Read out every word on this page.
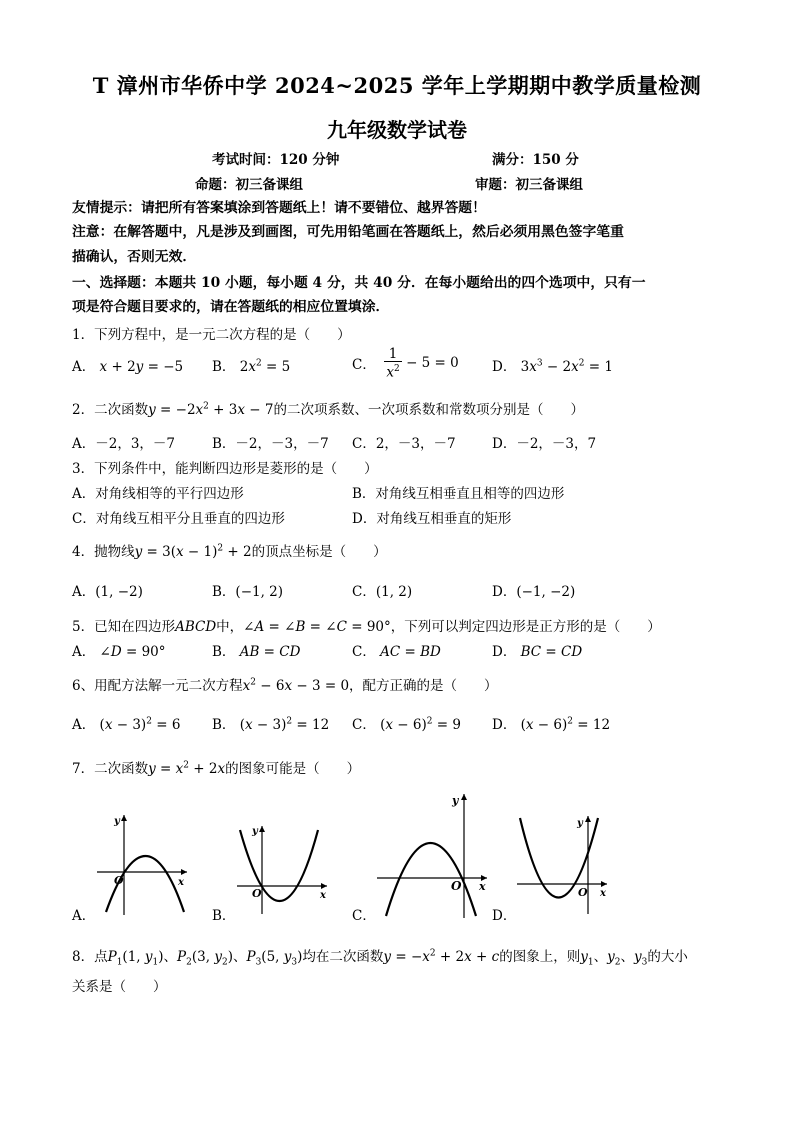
T 漳州市华侨中学 2024~2025 学年上学期期中教学质量检测
九年级数学试卷
考试时间：120 分钟	满分：150 分
命题：初三备课组	审题：初三备课组
友情提示：请把所有答案填涂到答题纸上！请不要错位、越界答题！
注意：在解答题中，凡是涉及到画图，可先用铅笔画在答题纸上，然后必须用黑色签字笔重
描确认，否则无效．
一、选择题：本题共 10 小题，每小题 4 分，共 40 分．在每小题给出的四个选项中，只有一
项是符合题目要求的，请在答题纸的相应位置填涂．
1．下列方程中，是一元二次方程的是（　　）
A． x + 2y = −5 B． $2x^2 = 5$	C．  1
$x^2 - 5 = 0$ D． $3x^3 - 2x^2 = 1$
2．二次函数$y = -2x^2 + 3x - 7$的二次项系数、一次项系数和常数项分别是（　　）
A．－2，3，－7	B．－2，－3，－7 C．2，－3，－7	D．－2，－3，7
3．下列条件中，能判断四边形是菱形的是（　　）
A．对角线相等的平行四边形	B．对角线互相垂直且相等的四边形
C．对角线互相平分且垂直的四边形	D．对角线互相垂直的矩形
4．抛物线$y = 3(x - 1)^2 + 2$的顶点坐标是（　　）
A．(1, −2)	B．(−1, 2)	C．(1, 2)	D．(−1, −2)
5．已知在四边形ABCD中，∠A = ∠B = ∠C = 90°，下列可以判定四边形是正方形的是（　　）
A． ∠D = 90°	B． AB = CD	C． AC = BD	D． BC = CD
6、用配方法解一元二次方程$x^2 - 6x - 3 = 0$，配方正确的是（　　）
A． $(x - 3)^2 = 6$ B． $(x - 3)^2 = 12$ C． $(x - 6)^2 = 9$ D． $(x - 6)^2 = 12$
7．二次函数$y = x^2 + 2x$的图象可能是（　　）
A．	B．	C．	D．
y
x
O
y
x
O
y
x
O
y
x
O
8．点$P_1(1$, $y_1$)、$P_2(3$, $y_2$)、$P_3(5$, $y_3$)均在二次函数$y = -x^2 + 2x + c$的图象上，则$y_1$、$y_2$、$y_3$的大小
关系是（　　）
